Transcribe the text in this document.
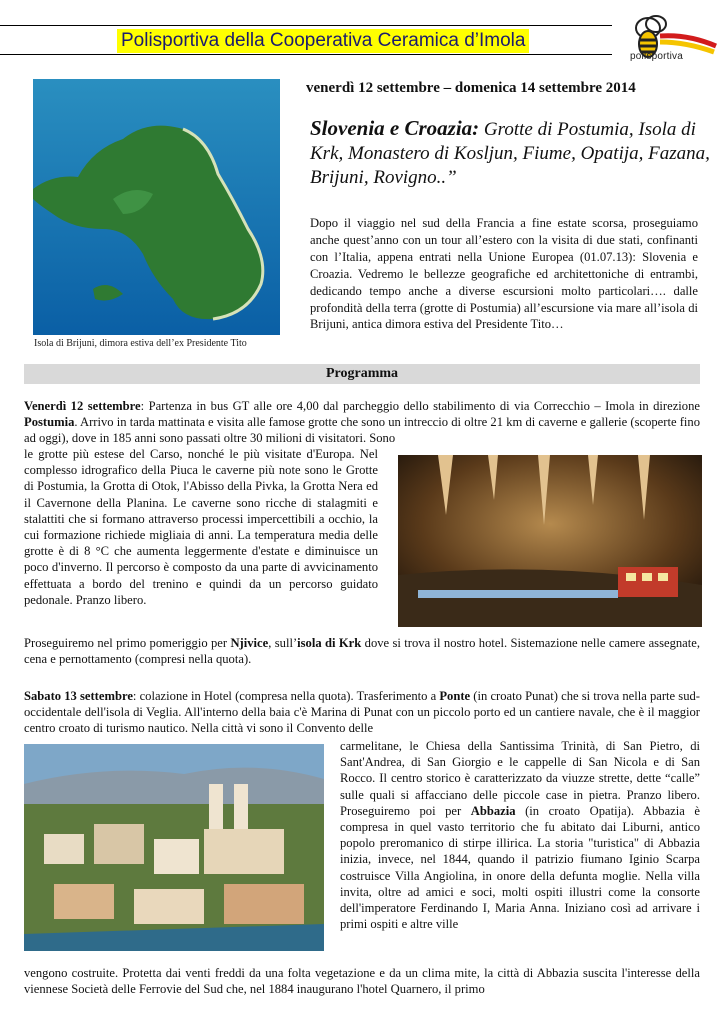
Polisportiva della Cooperativa Ceramica d’Imola
polisportiva
Isola di Brijuni, dimora estiva dell’ex Presidente Tito
venerdì 12 settembre – domenica 14 settembre 2014
Slovenia e Croazia: Grotte di Postumia, Isola di Krk, Monastero di Kosljun, Fiume, Opatija, Fazana, Brijuni, Rovigno..”
Dopo il viaggio nel sud della Francia a fine estate scorsa, proseguiamo anche quest’anno con un tour all’estero con la visita di due stati, confinanti con l’Italia, appena entrati nella Unione Europea (01.07.13): Slovenia e Croazia. Vedremo le bellezze geografiche ed architettoniche di entrambi, dedicando tempo anche a diverse escursioni molto particolari…. dalle profondità della terra (grotte di Postumia) all’escursione via mare all’isola di Brijuni, antica dimora estiva del Presidente Tito…
Programma
Venerdì 12 settembre: Partenza in bus GT alle ore 4,00 dal parcheggio dello stabilimento di via Correcchio – Imola in direzione Postumia. Arrivo in tarda mattinata e visita alle famose grotte che sono un intreccio di oltre 21 km di caverne e gallerie (scoperte fino ad oggi), dove in 185 anni sono passati oltre 30 milioni di visitatori. Sono
le grotte più estese del Carso, nonché le più visitate d'Europa. Nel complesso idrografico della Piuca le caverne più note sono le Grotte di Postumia, la Grotta di Otok, l'Abisso della Pivka, la Grotta Nera ed il Cavernone della Planina. Le caverne sono ricche di stalagmiti e stalattiti che si formano attraverso processi impercettibili a occhio, la cui formazione richiede migliaia di anni. La temperatura media delle grotte è di 8 °C che aumenta leggermente d'estate e diminuisce un poco d'inverno. Il percorso è composto da una parte di avvicinamento effettuata a bordo del trenino e quindi da un percorso guidato pedonale. Pranzo libero.
Proseguiremo nel primo pomeriggio per Njivice, sull’isola di Krk dove si trova il nostro hotel. Sistemazione nelle camere assegnate, cena e pernottamento (compresi nella quota).
Sabato 13 settembre: colazione in Hotel (compresa nella quota). Trasferimento a Ponte (in croato Punat) che si trova nella parte sud-occidentale dell'isola di Veglia. All'interno della baia c'è Marina di Punat con un piccolo porto ed un cantiere navale, che è il maggior centro croato di turismo nautico. Nella città vi sono il Convento delle
carmelitane, le Chiesa della Santissima Trinità, di San Pietro, di Sant'Andrea, di San Giorgio e le cappelle di San Nicola e di San Rocco. Il centro storico è caratterizzato da viuzze strette, dette “calle” sulle quali si affacciano delle piccole case in pietra. Pranzo libero. Proseguiremo poi per Abbazia (in croato Opatija). Abbazia è compresa in quel vasto territorio che fu abitato dai Liburni, antico popolo preromanico di stirpe illirica. La storia "turistica" di Abbazia inizia, invece, nel 1844, quando il patrizio fiumano Iginio Scarpa costruisce Villa Angiolina, in onore della defunta moglie. Nella villa invita, oltre ad amici e soci, molti ospiti illustri come la consorte dell'imperatore Ferdinando I, Maria Anna. Iniziano così ad arrivare i primi ospiti e altre ville
vengono costruite. Protetta dai venti freddi da una folta vegetazione e da un clima mite, la città di Abbazia suscita l'interesse della viennese Società delle Ferrovie del Sud che, nel 1884 inaugurano l'hotel Quarnero, il primo
